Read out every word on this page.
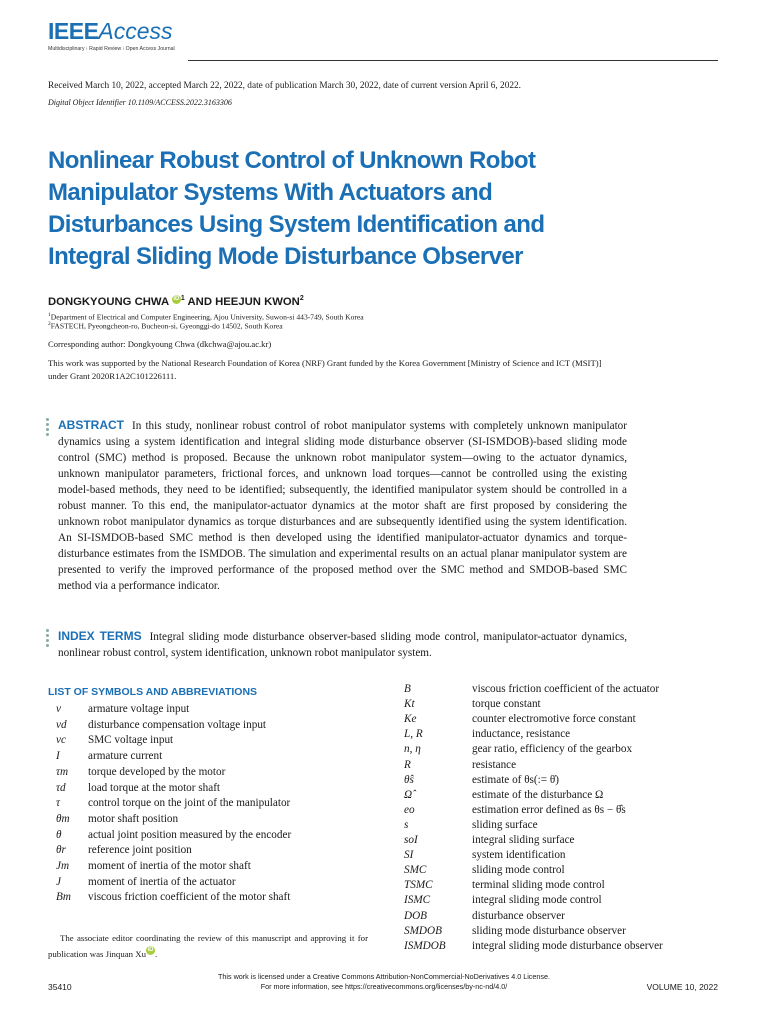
IEEEAccess
Multidisciplinary ⁝ Rapid Review ⁝ Open Access Journal
Received March 10, 2022, accepted March 22, 2022, date of publication March 30, 2022, date of current version April 6, 2022.
Digital Object Identifier 10.1109/ACCESS.2022.3163306
Nonlinear Robust Control of Unknown Robot
Manipulator Systems With Actuators and
Disturbances Using System Identification and
Integral Sliding Mode Disturbance Observer
DONGKYOUNG CHWA iD $^1$ AND HEEJUN KWON$^2$
$^1$Department of Electrical and Computer Engineering, Ajou University, Suwon-si 443-749, South Korea
$^2$FASTECH, Pyeongcheon-ro, Bucheon-si, Gyeonggi-do 14502, South Korea
Corresponding author: Dongkyoung Chwa (dkchwa@ajou.ac.kr)
This work was supported by the National Research Foundation of Korea (NRF) Grant funded by the Korea Government [Ministry of Science and ICT (MSIT)] under Grant 2020R1A2C101226111.
ABSTRACT In this study, nonlinear robust control of robot manipulator systems with completely unknown manipulator dynamics using a system identification and integral sliding mode disturbance observer (SI-ISMDOB)-based sliding mode control (SMC) method is proposed. Because the unknown robot manipulator system—owing to the actuator dynamics, unknown manipulator parameters, frictional forces, and unknown load torques—cannot be controlled using the existing model-based methods, they need to be identified; subsequently, the identified manipulator system should be controlled in a robust manner. To this end, the manipulator-actuator dynamics at the motor shaft are first proposed by considering the unknown robot manipulator dynamics as torque disturbances and are subsequently identified using the system identification. An SI-ISMDOB-based SMC method is then developed using the identified manipulator-actuator dynamics and torque-disturbance estimates from the ISMDOB. The simulation and experimental results on an actual planar manipulator system are presented to verify the improved performance of the proposed method over the SMC method and SMDOB-based SMC method via a performance indicator.
INDEX TERMS Integral sliding mode disturbance observer-based sliding mode control, manipulator-actuator dynamics, nonlinear robust control, system identification, unknown robot manipulator system.
LIST OF SYMBOLS AND ABBREVIATIONS
v armature voltage input
vd disturbance compensation voltage input
vc SMC voltage input
I	armature current
τm torque developed by the motor
τd load torque at the motor shaft
τ control torque on the joint of the manipulator
θm motor shaft position
θ actual joint position measured by the encoder
θr reference joint position
Jm moment of inertia of the motor shaft
J moment of inertia of the actuator
Bm viscous friction coefficient of the motor shaft
B	viscous friction coefficient of the actuator
Kt	torque constant
Ke	counter electromotive force constant
L, R	inductance, resistance
n, η	gear ratio, efficiency of the gearbox
R	resistance
θ̂s	estimate of θs(:= θ̇)
Ω̂	estimate of the disturbance Ω
eo	estimation error defined as θs − θ̂s
s	sliding surface
soI	integral sliding surface
SI	system identification
SMC	sliding mode control
TSMC	terminal sliding mode control
ISMC	integral sliding mode control
DOB	disturbance observer
SMDOB	sliding mode disturbance observer
ISMDOB integral sliding mode disturbance observer
The associate editor coordinating the review of this manuscript and approving it for publication was Jinquan Xu iD .
This work is licensed under a Creative Commons Attribution-NonCommercial-NoDerivatives 4.0 License.
For more information, see https://creativecommons.org/licenses/by-nc-nd/4.0/
35410	VOLUME 10, 2022
